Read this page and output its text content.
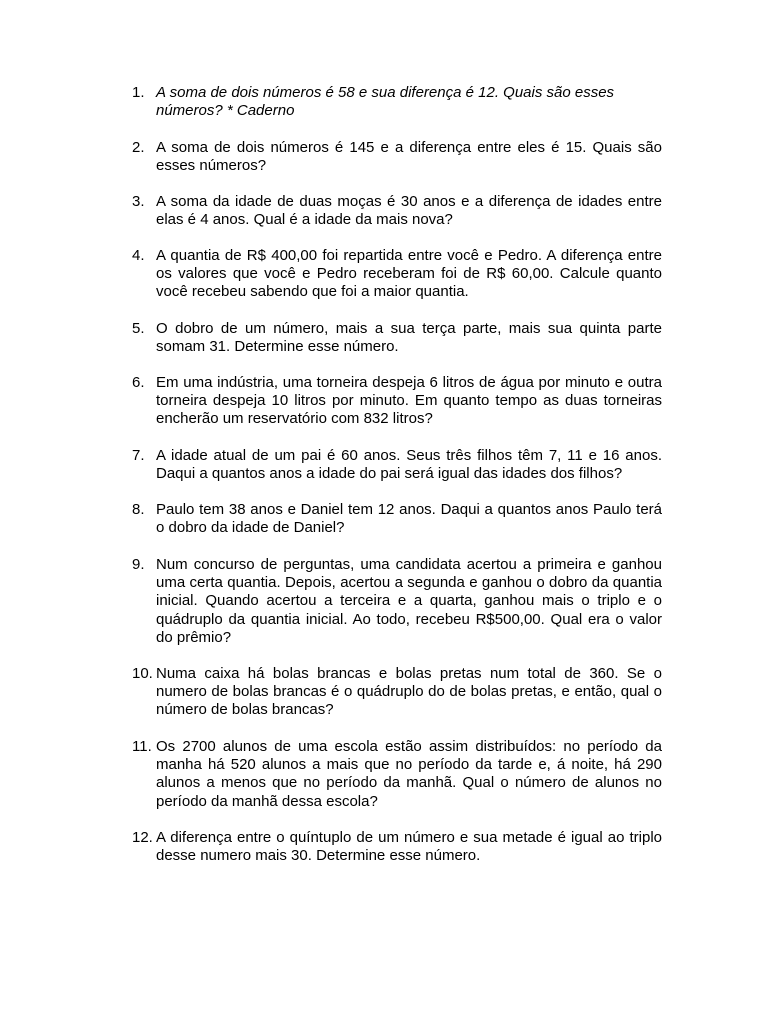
1. A soma de dois números é 58 e sua diferença é 12. Quais são esses números? * Caderno
2. A soma de dois números é 145 e a diferença entre eles é 15. Quais são esses números?
3. A soma da idade de duas moças é 30 anos e a diferença de idades entre elas é 4 anos. Qual é a idade da mais nova?
4. A quantia de R$ 400,00 foi repartida entre você e Pedro. A diferença entre os valores que você e Pedro receberam foi de R$ 60,00. Calcule quanto você recebeu sabendo que foi a maior quantia.
5. O dobro de um número, mais a sua terça parte, mais sua quinta parte somam 31. Determine esse número.
6. Em uma indústria, uma torneira despeja 6 litros de água por minuto e outra torneira despeja 10 litros por minuto. Em quanto tempo as duas torneiras encherão um reservatório com 832 litros?
7. A idade atual de um pai é 60 anos. Seus três filhos têm 7, 11 e 16 anos. Daqui a quantos anos a idade do pai será igual das idades dos filhos?
8. Paulo tem 38 anos e Daniel tem 12 anos. Daqui a quantos anos Paulo terá o dobro da idade de Daniel?
9. Num concurso de perguntas, uma candidata acertou a primeira e ganhou uma certa quantia. Depois, acertou a segunda e ganhou o dobro da quantia inicial. Quando acertou a terceira e a quarta, ganhou mais o triplo e o quádruplo da quantia inicial. Ao todo, recebeu R$500,00. Qual era o valor do prêmio?
10. Numa caixa há bolas brancas e bolas pretas num total de 360. Se o numero de bolas brancas é o quádruplo do de bolas pretas, e então, qual o número de bolas brancas?
11. Os 2700 alunos de uma escola estão assim distribuídos: no período da manha há 520 alunos a mais que no período da tarde e, á noite, há 290 alunos a menos que no período da manhã. Qual o número de alunos no período da manhã dessa escola?
12. A diferença entre o quíntuplo de um número e sua metade é igual ao triplo desse numero mais 30. Determine esse número.
